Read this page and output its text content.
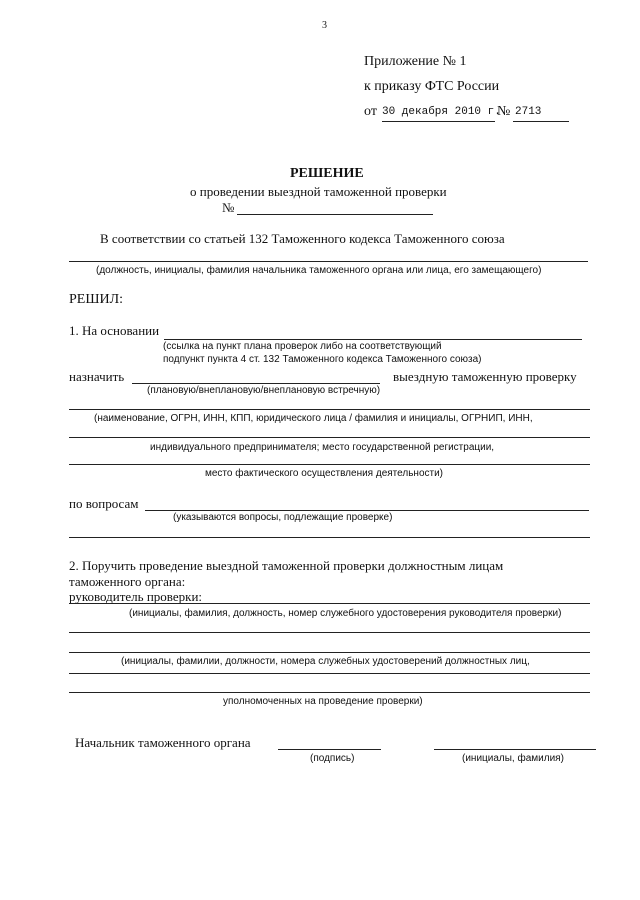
3
Приложение № 1
к приказу ФТС России
от 30 декабря 2010 г.
№ 2713
РЕШЕНИЕ
о проведении выездной таможенной проверки
№
В соответствии со статьей 132 Таможенного кодекса Таможенного союза
(должность, инициалы, фамилия начальника таможенного органа или лица, его замещающего)
РЕШИЛ:
1. На основании
(ссылка на пункт плана проверок либо на соответствующий
подпункт пункта 4 ст. 132 Таможенного кодекса Таможенного союза)
назначить	выездную таможенную проверку
(плановую/внеплановую/внеплановую встречную)
(наименование, ОГРН, ИНН, КПП, юридического лица / фамилия и инициалы, ОГРНИП, ИНН,
индивидуального предпринимателя; место государственной регистрации,
место фактического осуществления деятельности)
по вопросам
(указываются вопросы, подлежащие проверке)
2. Поручить проведение выездной таможенной проверки должностным лицам
таможенного органа:
руководитель проверки:
(инициалы, фамилия, должность, номер служебного удостоверения руководителя проверки)
(инициалы, фамилии, должности, номера служебных удостоверений должностных лиц,
уполномоченных на проведение проверки)
Начальник таможенного органа
(подпись)	(инициалы, фамилия)
